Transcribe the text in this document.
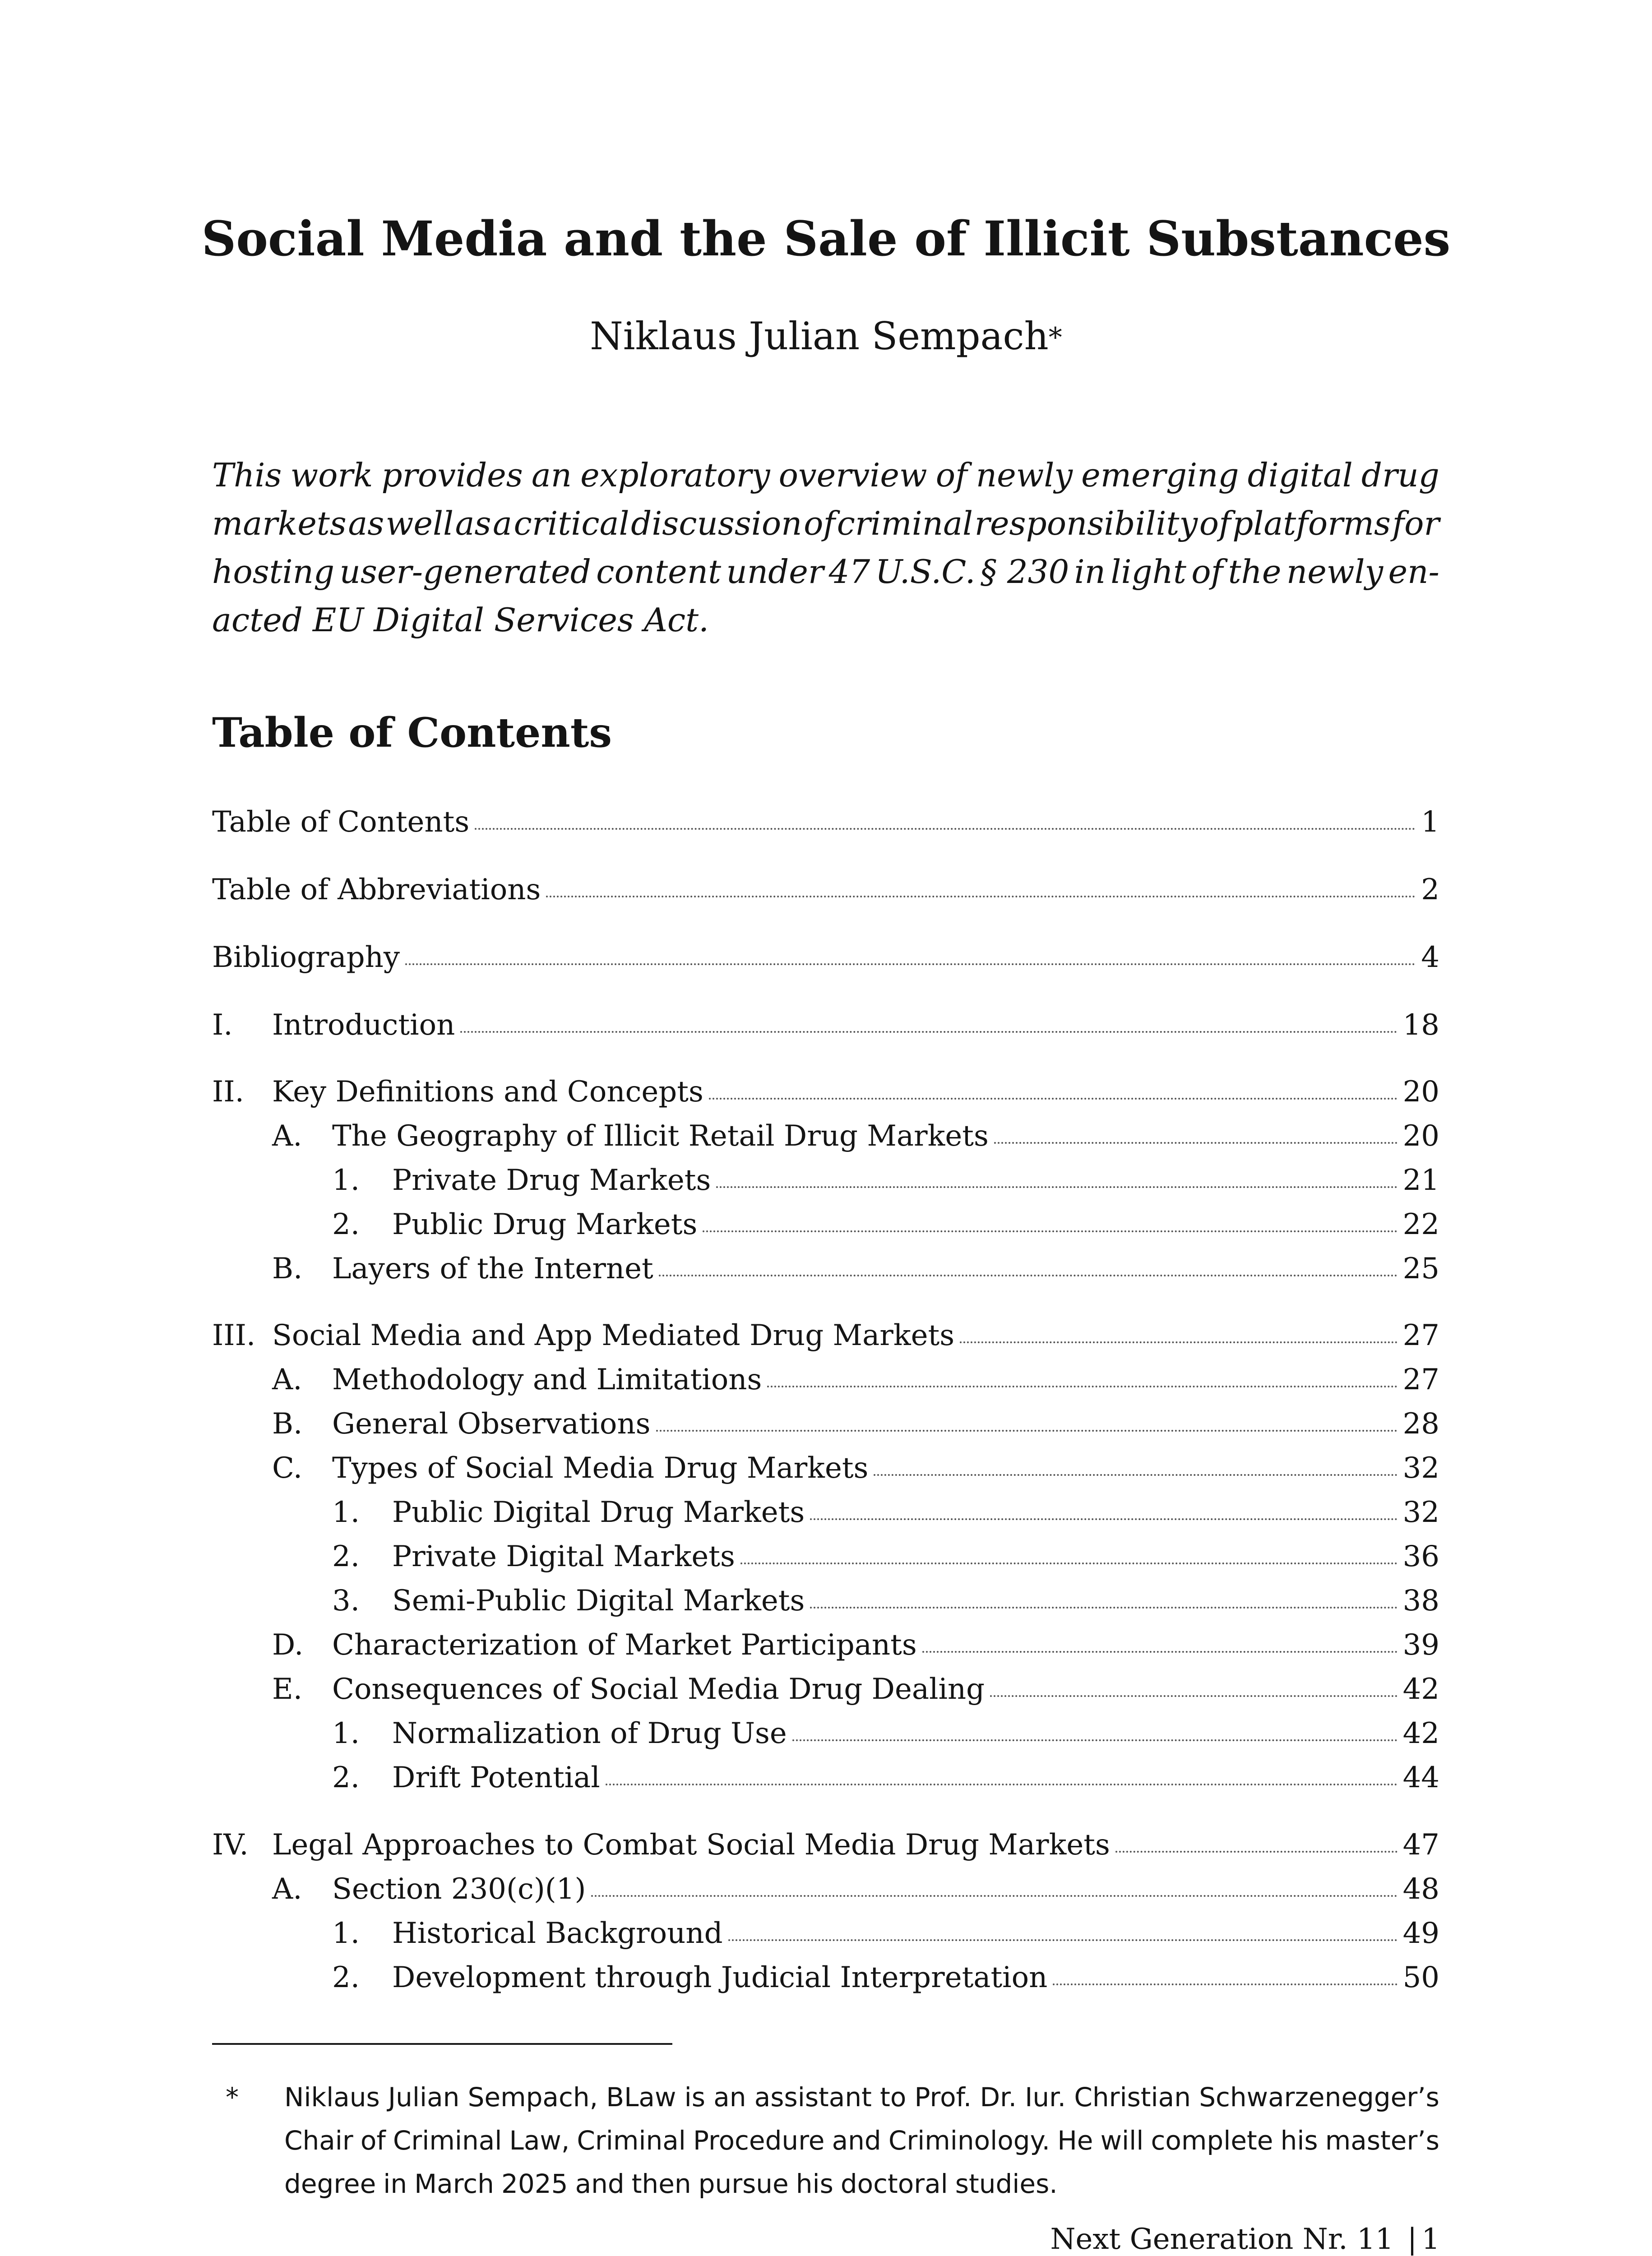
Social Media and the Sale of Illicit Substances
Niklaus Julian Sempach*
This work provides an exploratory overview of newly emerging digital drug
markets as well as a critical discussion of criminal responsibility of platforms for
hosting user-generated content under 47 U.S.C. § 230 in light of the newly en-
acted EU Digital Services Act.
Table of Contents
Table of Contents	1
Table of Abbreviations	2
Bibliography	4
I.	Introduction	18
II. Key Definitions and Concepts	20
A.	The Geography of Illicit Retail Drug Markets	20
1.	Private Drug Markets	21
2.	Public Drug Markets	22
B.	Layers of the Internet	25
III. Social Media and App Mediated Drug Markets	27
A.	Methodology and Limitations	27
B.	General Observations	28
C.	Types of Social Media Drug Markets	32
1.	Public Digital Drug Markets	32
2.	Private Digital Markets	36
3.	Semi-Public Digital Markets	38
D. Characterization of Market Participants	39
E.	Consequences of Social Media Drug Dealing	42
1.	Normalization of Drug Use	42
2.	Drift Potential	44
IV. Legal Approaches to Combat Social Media Drug Markets	47
A.	Section 230(c)(1)	48
1.	Historical Background	49
2.	Development through Judicial Interpretation	50
* Niklaus Julian Sempach, BLaw is an assistant to Prof. Dr. Iur. Christian Schwarzenegger’s
Chair of Criminal Law, Criminal Procedure and Criminology. He will complete his master’s
degree in March 2025 and then pursue his doctoral studies.
Next Generation Nr. 11 | 1
